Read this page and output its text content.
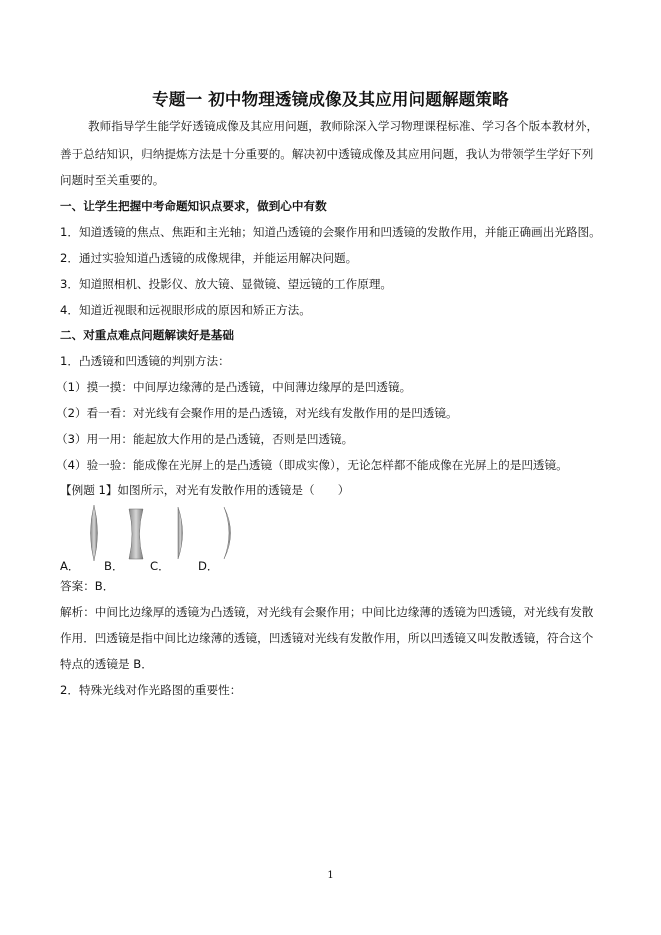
专题一 初中物理透镜成像及其应用问题解题策略
教师指导学生能学好透镜成像及其应用问题，教师除深入学习物理课程标准、学习各个版本教材外，
善于总结知识，归纳提炼方法是十分重要的。解决初中透镜成像及其应用问题，我认为带领学生学好下列
问题时至关重要的。
一、让学生把握中考命题知识点要求，做到心中有数
1．知道透镜的焦点、焦距和主光轴；知道凸透镜的会聚作用和凹透镜的发散作用，并能正确画出光路图。
2．通过实验知道凸透镜的成像规律，并能运用解决问题。
3．知道照相机、投影仪、放大镜、显微镜、望远镜的工作原理。
4．知道近视眼和远视眼形成的原因和矫正方法。
二、对重点难点问题解读好是基础
1．凸透镜和凹透镜的判别方法：
（1）摸一摸：中间厚边缘薄的是凸透镜，中间薄边缘厚的是凹透镜。
（2）看一看：对光线有会聚作用的是凸透镜，对光线有发散作用的是凹透镜。
（3）用一用：能起放大作用的是凸透镜，否则是凹透镜。
（4）验一验：能成像在光屏上的是凸透镜（即成实像），无论怎样都不能成像在光屏上的是凹透镜。
【例题 1】如图所示，对光有发散作用的透镜是（　　）
A． B． C． D．
答案：B．
解析：中间比边缘厚的透镜为凸透镜，对光线有会聚作用；中间比边缘薄的透镜为凹透镜，对光线有发散
作用．凹透镜是指中间比边缘薄的透镜，凹透镜对光线有发散作用，所以凹透镜又叫发散透镜，符合这个
特点的透镜是 B．
2．特殊光线对作光路图的重要性：
1
